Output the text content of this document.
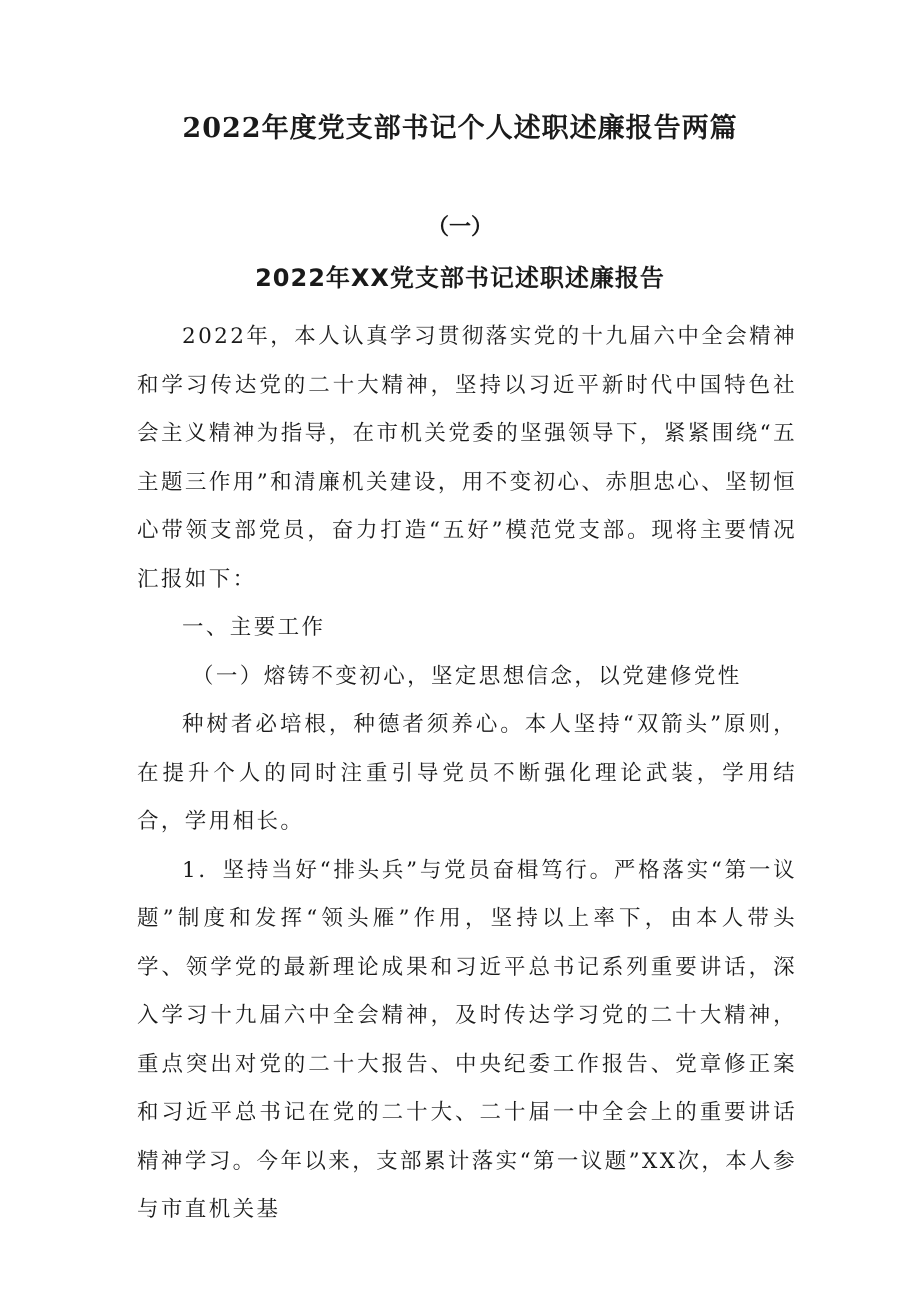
2022年度党支部书记个人述职述廉报告两篇
（一）
2022年XX党支部书记述职述廉报告

2022年，本人认真学习贯彻落实党的十九届六中全会精神和学习传达党的二十大精神，坚持以习近平新时代中国特色社会主义精神为指导，在市机关党委的坚强领导下，紧紧围绕“五主题三作用”和清廉机关建设，用不变初心、赤胆忠心、坚韧恒心带领支部党员，奋力打造“五好”模范党支部。现将主要情况汇报如下：

一、主要工作

（一）熔铸不变初心，坚定思想信念，以党建修党性

种树者必培根，种德者须养心。本人坚持“双箭头”原则，在提升个人的同时注重引导党员不断强化理论武装，学用结合，学用相长。

1．坚持当好“排头兵”与党员奋楫笃行。严格落实“第一议题”制度和发挥“领头雁”作用，坚持以上率下，由本人带头学、领学党的最新理论成果和习近平总书记系列重要讲话，深入学习十九届六中全会精神，及时传达学习党的二十大精神，重点突出对党的二十大报告、中央纪委工作报告、党章修正案和习近平总书记在党的二十大、二十届一中全会上的重要讲话精神学习。今年以来，支部累计落实“第一议题”XX次，本人参与市直机关基
